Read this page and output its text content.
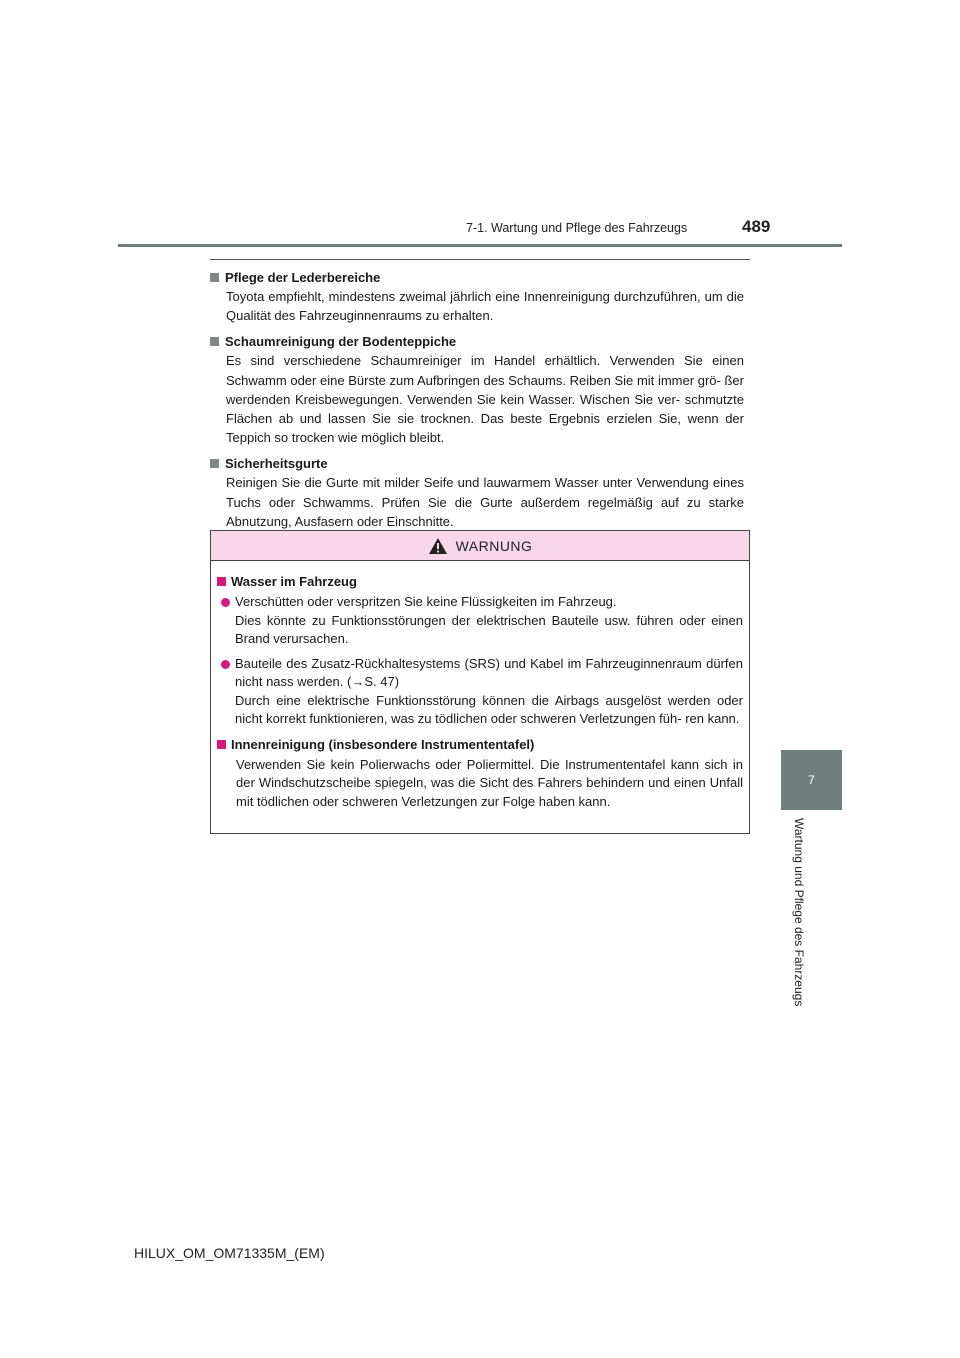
7-1. Wartung und Pflege des Fahrzeugs	489
7
Wartung und Pflege des Fahrzeugs

Pflege der Lederbereiche

Toyota empfiehlt, mindestens zweimal jährlich eine Innenreinigung durchzuführen, um die Qualität des Fahrzeuginnenraums zu erhalten.

Schaumreinigung der Bodenteppiche

Es sind verschiedene Schaumreiniger im Handel erhältlich. Verwenden Sie einen Schwamm oder eine Bürste zum Aufbringen des Schaums. Reiben Sie mit immer grö- ßer werdenden Kreisbewegungen. Verwenden Sie kein Wasser. Wischen Sie ver- schmutzte Flächen ab und lassen Sie sie trocknen. Das beste Ergebnis erzielen Sie, wenn der Teppich so trocken wie möglich bleibt.

Sicherheitsgurte

Reinigen Sie die Gurte mit milder Seife und lauwarmem Wasser unter Verwendung eines Tuchs oder Schwamms. Prüfen Sie die Gurte außerdem regelmäßig auf zu starke Abnutzung, Ausfasern oder Einschnitte.

WARNUNG

Wasser im Fahrzeug

Verschütten oder verspritzen Sie keine Flüssigkeiten im Fahrzeug.

Dies könnte zu Funktionsstörungen der elektrischen Bauteile usw. führen oder einen Brand verursachen.

Bauteile des Zusatz-Rückhaltesystems (SRS) und Kabel im Fahrzeuginnenraum dürfen nicht nass werden. (→S. 47)

Durch eine elektrische Funktionsstörung können die Airbags ausgelöst werden oder nicht korrekt funktionieren, was zu tödlichen oder schweren Verletzungen füh- ren kann.

Innenreinigung (insbesondere Instrumententafel)

Verwenden Sie kein Polierwachs oder Poliermittel. Die Instrumententafel kann sich in der Windschutzscheibe spiegeln, was die Sicht des Fahrers behindern und einen Unfall mit tödlichen oder schweren Verletzungen zur Folge haben kann.

HILUX_OM_OM71335M_(EM)
